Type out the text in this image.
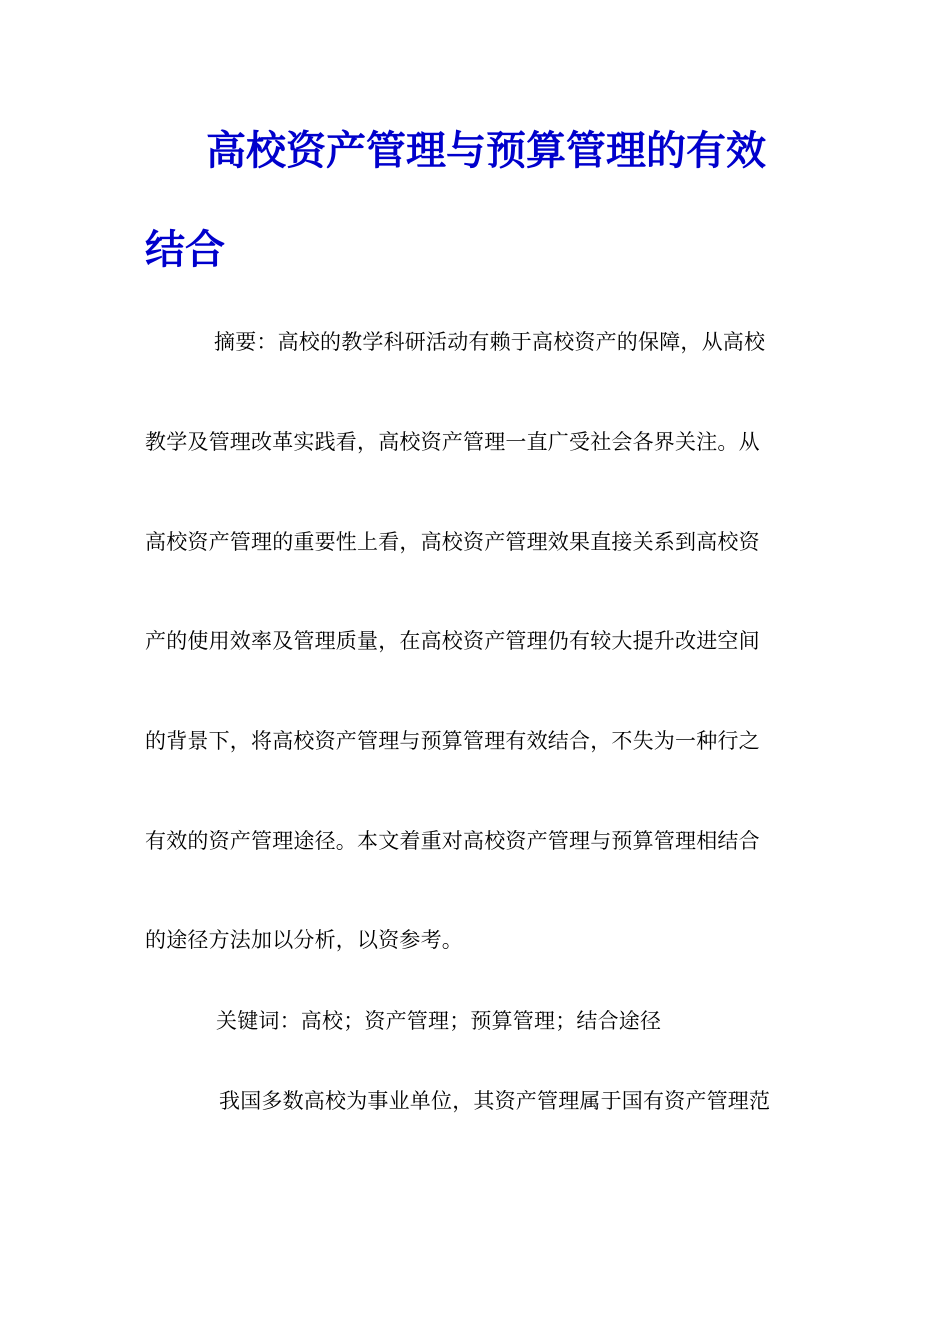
高校资产管理与预算管理的有效
结合
摘要：高校的教学科研活动有赖于高校资产的保障，从高校
教学及管理改革实践看，高校资产管理一直广受社会各界关注。从
高校资产管理的重要性上看，高校资产管理效果直接关系到高校资
产的使用效率及管理质量，在高校资产管理仍有较大提升改进空间
的背景下，将高校资产管理与预算管理有效结合，不失为一种行之
有效的资产管理途径。本文着重对高校资产管理与预算管理相结合
的途径方法加以分析，以资参考。
关键词：高校；资产管理；预算管理；结合途径
我国多数高校为事业单位，其资产管理属于国有资产管理范
